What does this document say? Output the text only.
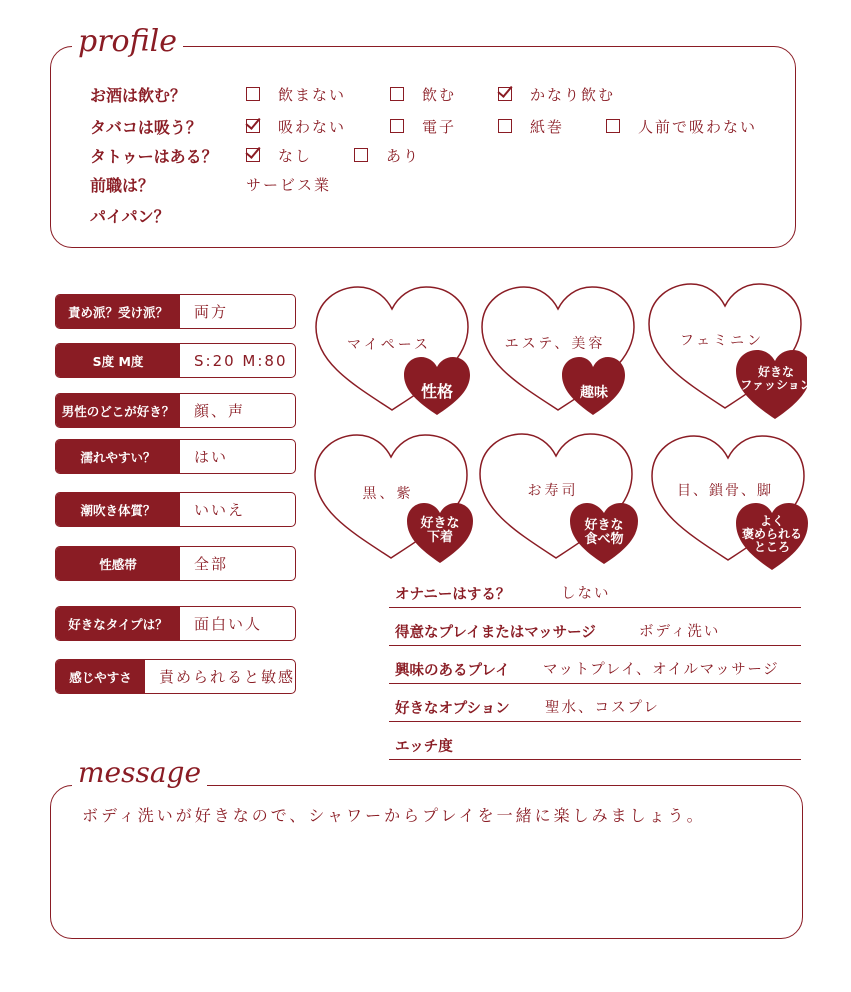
profile
お酒は飲む？	飲まない	飲む	かなり飲む
タバコは吸う？	吸わない	電子	紙巻	人前で吸わない
タトゥーはある？	なし	あり
前職は？	サービス業
パイパン？
責め派？受け派？	両方
S度 M度	S:20 M:80
男性のどこが好き？	顔、声
濡れやすい？	はい
潮吹き体質？	いいえ
性感帯	全部
好きなタイプは？	面白い人
感じやすさ	責められると敏感
マイペース
性格
エステ、美容
趣味
フェミニン
好きな
ファッション
黒、紫
好きな
下着
お寿司
好きな
食べ物
目、鎖骨、脚
よく
褒められる
ところ
オナニーはする？	しない
得意なプレイまたはマッサージ	ボディ洗い
興味のあるプレイ マットプレイ、オイルマッサージ
好きなオプション 聖水、コスプレ
エッチ度
message
ボディ洗いが好きなので、シャワーからプレイを一緒に楽しみましょう。
